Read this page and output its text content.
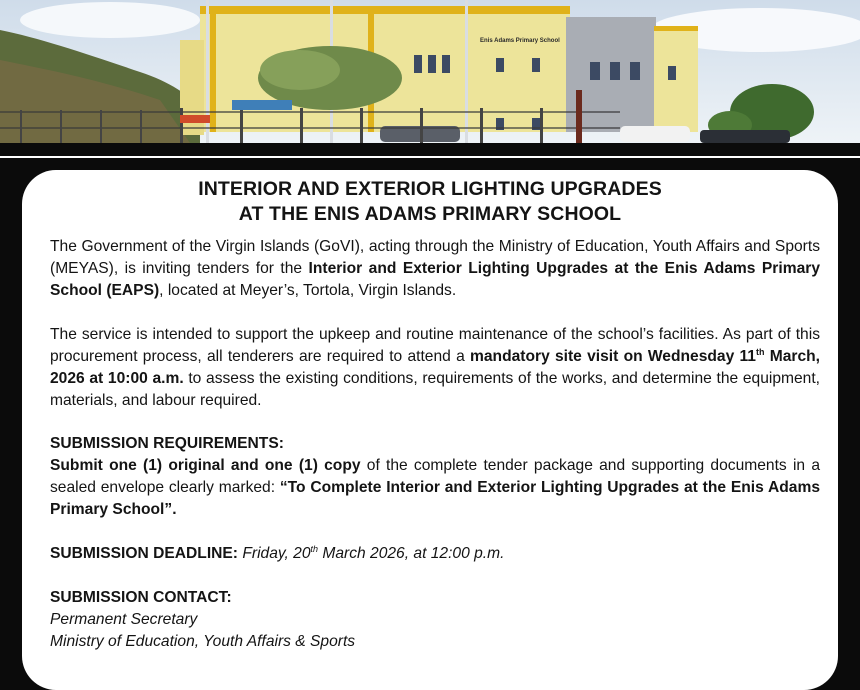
Enis Adams Primary School
INTERIOR AND EXTERIOR LIGHTING UPGRADES
AT THE ENIS ADAMS PRIMARY SCHOOL

The Government of the Virgin Islands (GoVI), acting through the Ministry of Education, Youth Affairs and Sports (MEYAS), is inviting tenders for the Interior and Exterior Lighting Upgrades at the Enis Adams Primary School (EAPS), located at Meyer’s, Tortola, Virgin Islands.

The service is intended to support the upkeep and routine maintenance of the school’s facilities. As part of this procurement process, all tenderers are required to attend a mandatory site visit on Wednesday 11th March, 2026 at 10:00 a.m. to assess the existing conditions, requirements of the works, and determine the equipment, materials, and labour required.

SUBMISSION REQUIREMENTS:
Submit one (1) original and one (1) copy of the complete tender package and supporting documents in a sealed envelope clearly marked: “To Complete Interior and Exterior Lighting Upgrades at the Enis Adams Primary School”.

SUBMISSION DEADLINE: Friday, 20th March 2026, at 12:00 p.m.

SUBMISSION CONTACT:
Permanent Secretary
Ministry of Education, Youth Affairs & Sports
